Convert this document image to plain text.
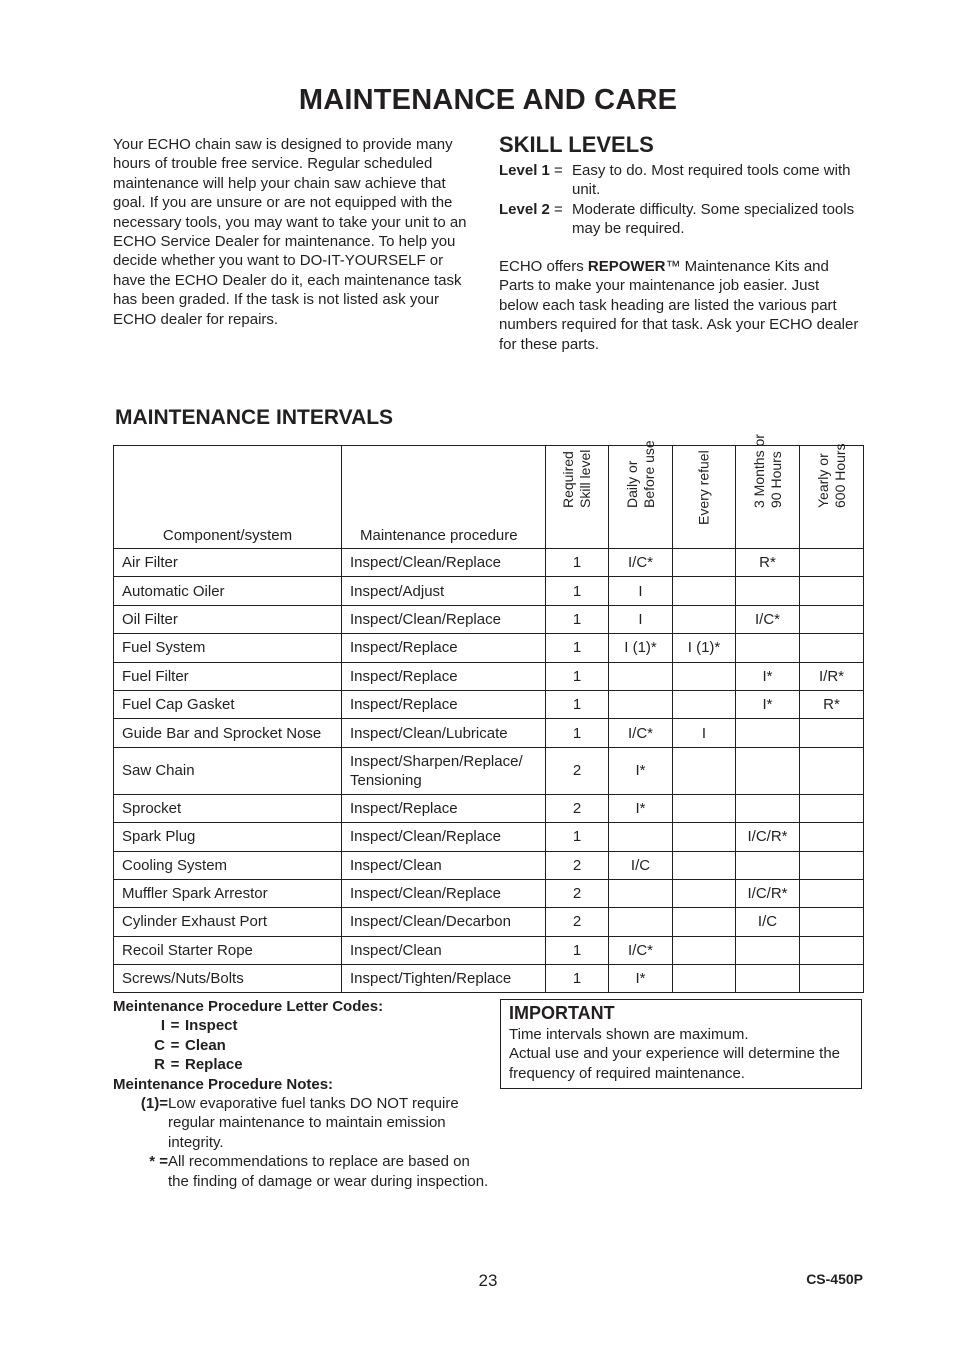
MAINTENANCE AND CARE

Your ECHO chain saw is designed to provide many hours of trouble free service. Regular scheduled maintenance will help your chain saw achieve that goal. If you are unsure or are not equipped with the necessary tools, you may want to take your unit to an ECHO Service Dealer for maintenance. To help you decide whether you want to DO-IT-YOURSELF or have the ECHO Dealer do it, each maintenance task has been graded. If the task is not listed ask your ECHO dealer for repairs.

SKILL LEVELS
Level 1 = Easy to do. Most required tools come with unit.
Level 2 = Moderate difficulty. Some specialized tools may be required.

ECHO offers REPOWER™ Maintenance Kits and Parts to make your maintenance job easier. Just below each task heading are listed the various part numbers required for that task. Ask your ECHO dealer for these parts.

MAINTENANCE INTERVALS
Component/system	Maintenance procedure	Required Skill level	Daily or Before use	Every refuel	3 Months or 90 Hours	Yearly or 600 Hours

Air Filter	Inspect/Clean/Replace	1	I/C*		R*	
Automatic Oiler	Inspect/Adjust	1	I			
Oil Filter	Inspect/Clean/Replace	1	I		I/C*	
Fuel System	Inspect/Replace	1	I (1)*	I (1)*		
Fuel Filter	Inspect/Replace	1			I*	I/R*
Fuel Cap Gasket	Inspect/Replace	1			I*	R*
Guide Bar and Sprocket Nose	Inspect/Clean/Lubricate	1	I/C*	I		
Saw Chain	Inspect/Sharpen/Replace/ Tensioning	2	I*			
Sprocket	Inspect/Replace	2	I*			
Spark Plug	Inspect/Clean/Replace	1			I/C/R*	
Cooling System	Inspect/Clean	2	I/C			
Muffler Spark Arrestor	Inspect/Clean/Replace	2			I/C/R*	
Cylinder Exhaust Port	Inspect/Clean/Decarbon	2			I/C	
Recoil Starter Rope	Inspect/Clean	1	I/C*			
Screws/Nuts/Bolts	Inspect/Tighten/Replace	1	I*			
Meintenance Procedure Letter Codes:
I = Inspect
C = Clean
R = Replace
Meintenance Procedure Notes:
(1)= Low evaporative fuel tanks DO NOT require regular maintenance to maintain emission integrity.
* = All recommendations to replace are based on the finding of damage or wear during inspection.
IMPORTANT
Time intervals shown are maximum.
Actual use and your experience will determine the frequency of required maintenance.
23	CS-450P
